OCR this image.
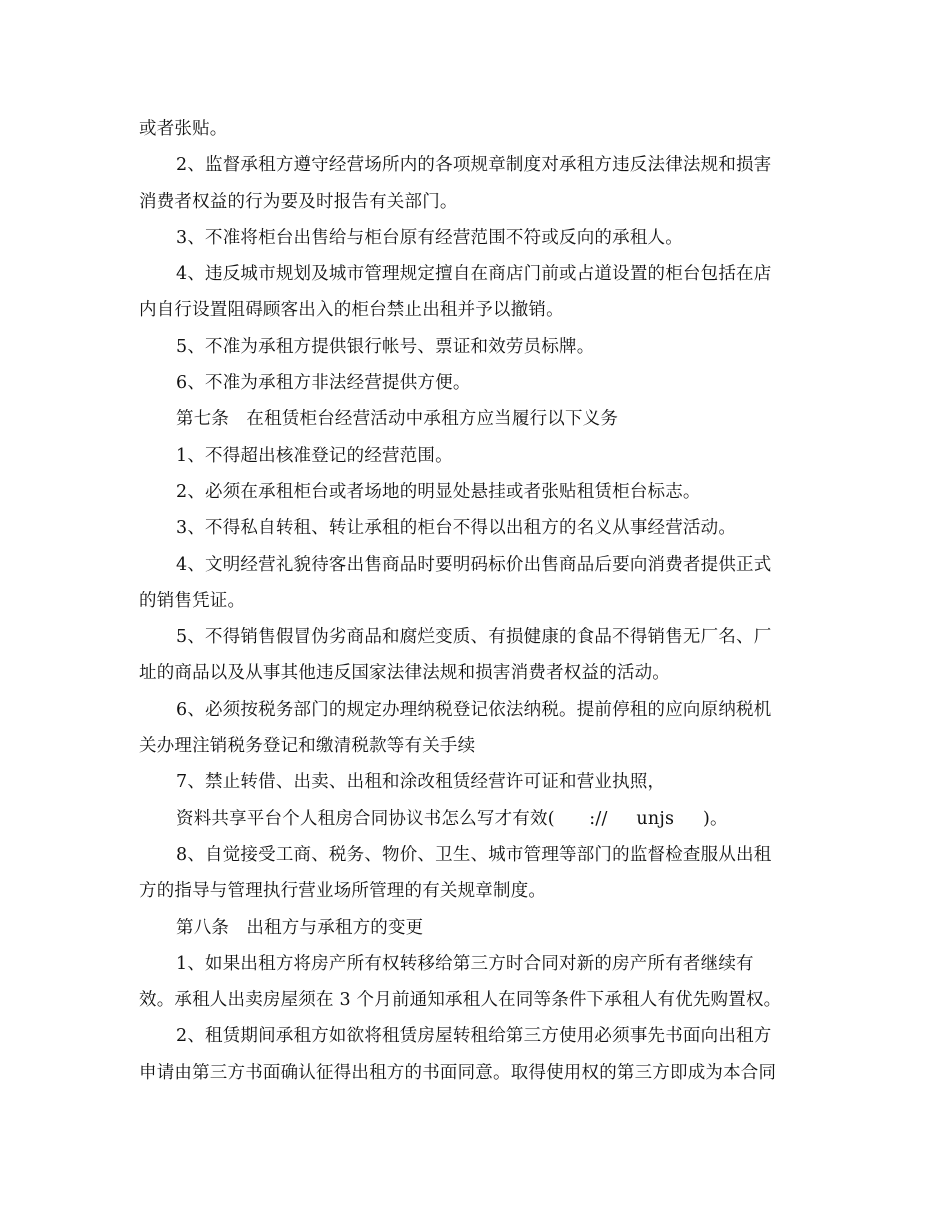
或者张贴。
2、监督承租方遵守经营场所内的各项规章制度对承租方违反法律法规和损害
消费者权益的行为要及时报告有关部门。
3、不准将柜台出售给与柜台原有经营范围不符或反向的承租人。
4、违反城市规划及城市管理规定擅自在商店门前或占道设置的柜台包括在店
内自行设置阻碍顾客出入的柜台禁止出租并予以撤销。
5、不准为承租方提供银行帐号、票证和效劳员标牌。
6、不准为承租方非法经营提供方便。
第七条   在租赁柜台经营活动中承租方应当履行以下义务
1、不得超出核准登记的经营范围。
2、必须在承租柜台或者场地的明显处悬挂或者张贴租赁柜台标志。
3、不得私自转租、转让承租的柜台不得以出租方的名义从事经营活动。
4、文明经营礼貌待客出售商品时要明码标价出售商品后要向消费者提供正式
的销售凭证。
5、不得销售假冒伪劣商品和腐烂变质、有损健康的食品不得销售无厂名、厂
址的商品以及从事其他违反国家法律法规和损害消费者权益的活动。
6、必须按税务部门的规定办理纳税登记依法纳税。提前停租的应向原纳税机
关办理注销税务登记和缴清税款等有关手续
7、禁止转借、出卖、出租和涂改租赁经营许可证和营业执照，
资料共享平台个人租房合同协议书怎么写才有效(      ://     unjs     )。
8、自觉接受工商、税务、物价、卫生、城市管理等部门的监督检查服从出租
方的指导与管理执行营业场所管理的有关规章制度。
第八条   出租方与承租方的变更
1、如果出租方将房产所有权转移给第三方时合同对新的房产所有者继续有
效。承租人出卖房屋须在 3 个月前通知承租人在同等条件下承租人有优先购置权。
2、租赁期间承租方如欲将租赁房屋转租给第三方使用必须事先书面向出租方
申请由第三方书面确认征得出租方的书面同意。取得使用权的第三方即成为本合同
